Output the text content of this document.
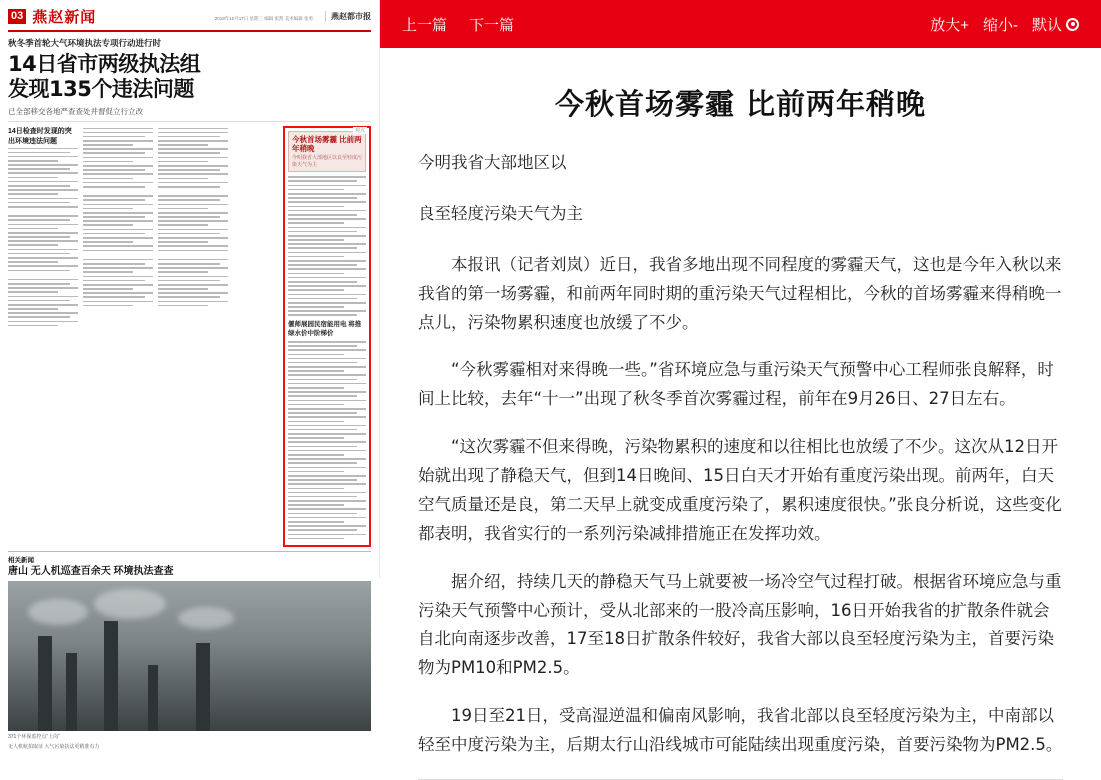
03 燕赵新闻	2018年10月17日 星期三 编辑 张凯 美术编辑 张勇	燕赵都市报
秋冬季首轮大气环境执法专项行动进行时
14日省市两级执法组
发现135个违法问题
已全部移交各地严查查处并督促立行立改
14日检查时发现的突出环境违法问题
观点
今秋首场雾霾 比前两年稍晚
今明我省大部地区以良至轻度污染天气为主
偃师展园民宿能用电 将推绿水价中阶梯价
相关新闻
唐山 无人机巡查百余天 环境执法查查
371个环保监控点“上岗”
无人机航拍取证 大气污染执法更精准有力
上一篇 下一篇	放大+ 缩小- 默认
今秋首场雾霾 比前两年稍晚

今明我省大部地区以

良至轻度污染天气为主

本报讯（记者刘岚）近日，我省多地出现不同程度的雾霾天气，这也是今年入秋以来我省的第一场雾霾，和前两年同时期的重污染天气过程相比，今秋的首场雾霾来得稍晚一点儿，污染物累积速度也放缓了不少。

“今秋雾霾相对来得晚一些。”省环境应急与重污染天气预警中心工程师张良解释，时间上比较，去年“十一”出现了秋冬季首次雾霾过程，前年在9月26日、27日左右。

“这次雾霾不但来得晚，污染物累积的速度和以往相比也放缓了不少。这次从12日开始就出现了静稳天气，但到14日晚间、15日白天才开始有重度污染出现。前两年，白天空气质量还是良，第二天早上就变成重度污染了，累积速度很快。”张良分析说，这些变化都表明，我省实行的一系列污染减排措施正在发挥功效。

据介绍，持续几天的静稳天气马上就要被一场冷空气过程打破。根据省环境应急与重污染天气预警中心预计，受从北部来的一股冷高压影响，16日开始我省的扩散条件就会自北向南逐步改善，17至18日扩散条件较好，我省大部以良至轻度污染为主，首要污染物为PM10和PM2.5。

19日至21日，受高湿逆温和偏南风影响，我省北部以良至轻度污染为主，中南部以轻至中度污染为主，后期太行山沿线城市可能陆续出现重度污染，首要污染物为PM2.5。
